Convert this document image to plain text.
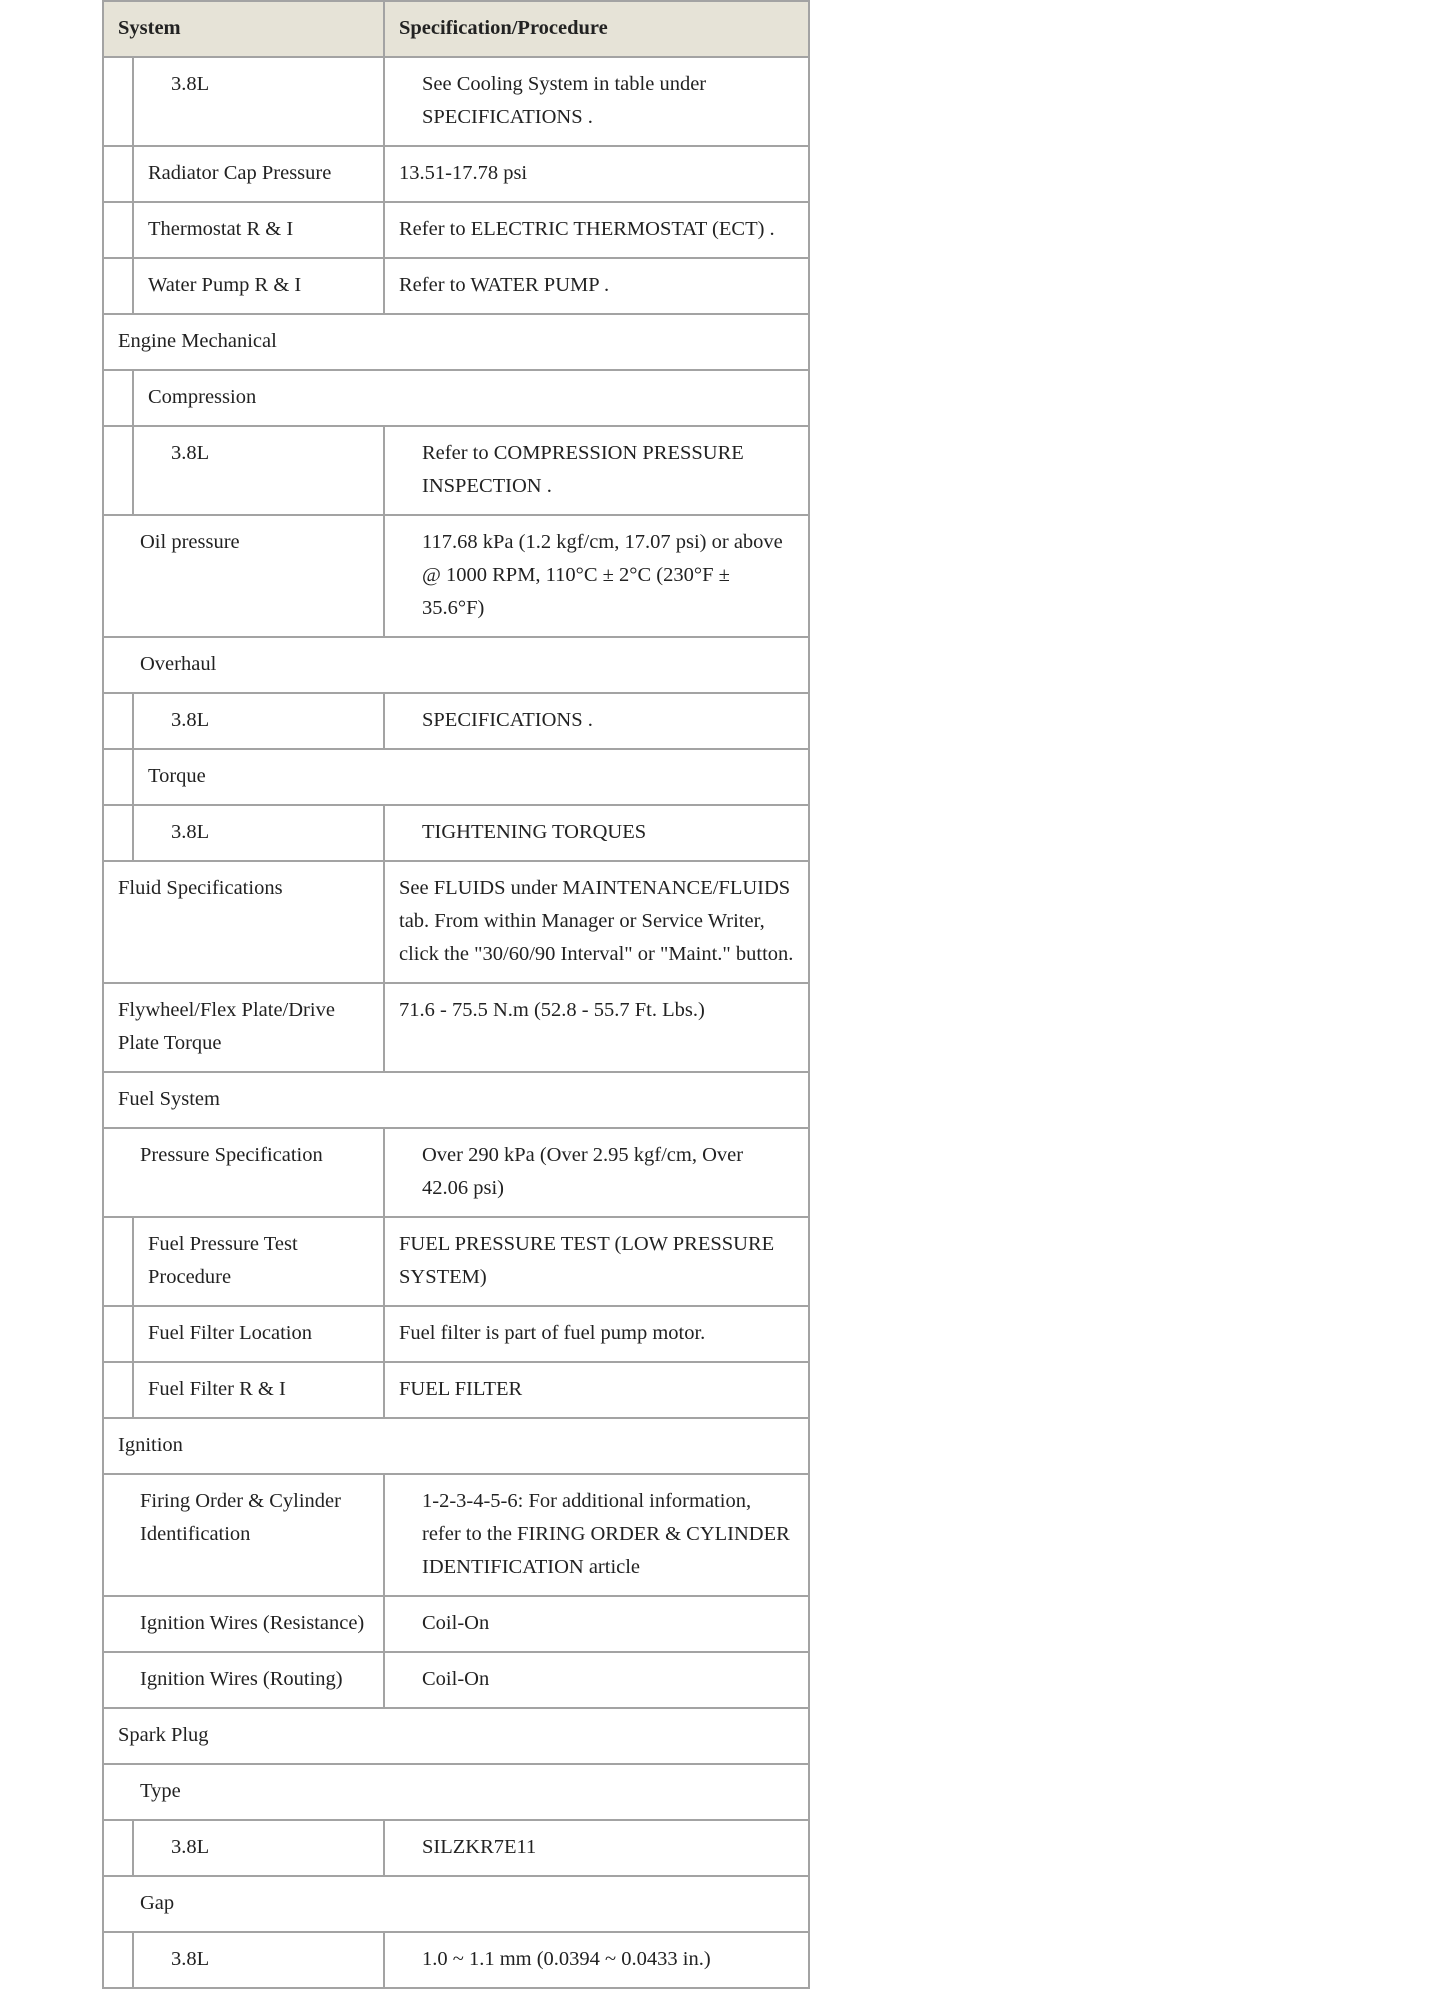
System	Specification/Procedure

3.8L	See Cooling System in table under SPECIFICATIONS .

Radiator Cap Pressure	13.51-17.78 psi

Thermostat R & I	Refer to ELECTRIC THERMOSTAT (ECT) .

Water Pump R & I	Refer to WATER PUMP .
Engine Mechanical	

Compression	

3.8L	Refer to COMPRESSION PRESSURE INSPECTION .
Oil pressure	117.68 kPa (1.2 kgf/cm, 17.07 psi) or above @ 1000 RPM, 110°C ± 2°C (230°F ± 35.6°F)
Overhaul	

3.8L	SPECIFICATIONS .

Torque	

3.8L	TIGHTENING TORQUES
Fluid Specifications	See FLUIDS under MAINTENANCE/FLUIDS tab. From within Manager or Service Writer, click the "30/60/90 Interval" or "Maint." button.
Flywheel/Flex Plate/Drive Plate Torque	71.6 - 75.5 N.m (52.8 - 55.7 Ft. Lbs.)
Fuel System	
Pressure Specification	Over 290 kPa (Over 2.95 kgf/cm, Over 42.06 psi)

Fuel Pressure Test Procedure	FUEL PRESSURE TEST (LOW PRESSURE SYSTEM)

Fuel Filter Location	Fuel filter is part of fuel pump motor.

Fuel Filter R & I	FUEL FILTER
Ignition	
Firing Order & Cylinder Identification	1-2-3-4-5-6: For additional information, refer to the FIRING ORDER & CYLINDER IDENTIFICATION article
Ignition Wires (Resistance)	Coil-On
Ignition Wires (Routing)	Coil-On
Spark Plug	
Type	

3.8L	SILZKR7E11
Gap	

3.8L	1.0 ~ 1.1 mm (0.0394 ~ 0.0433 in.)
